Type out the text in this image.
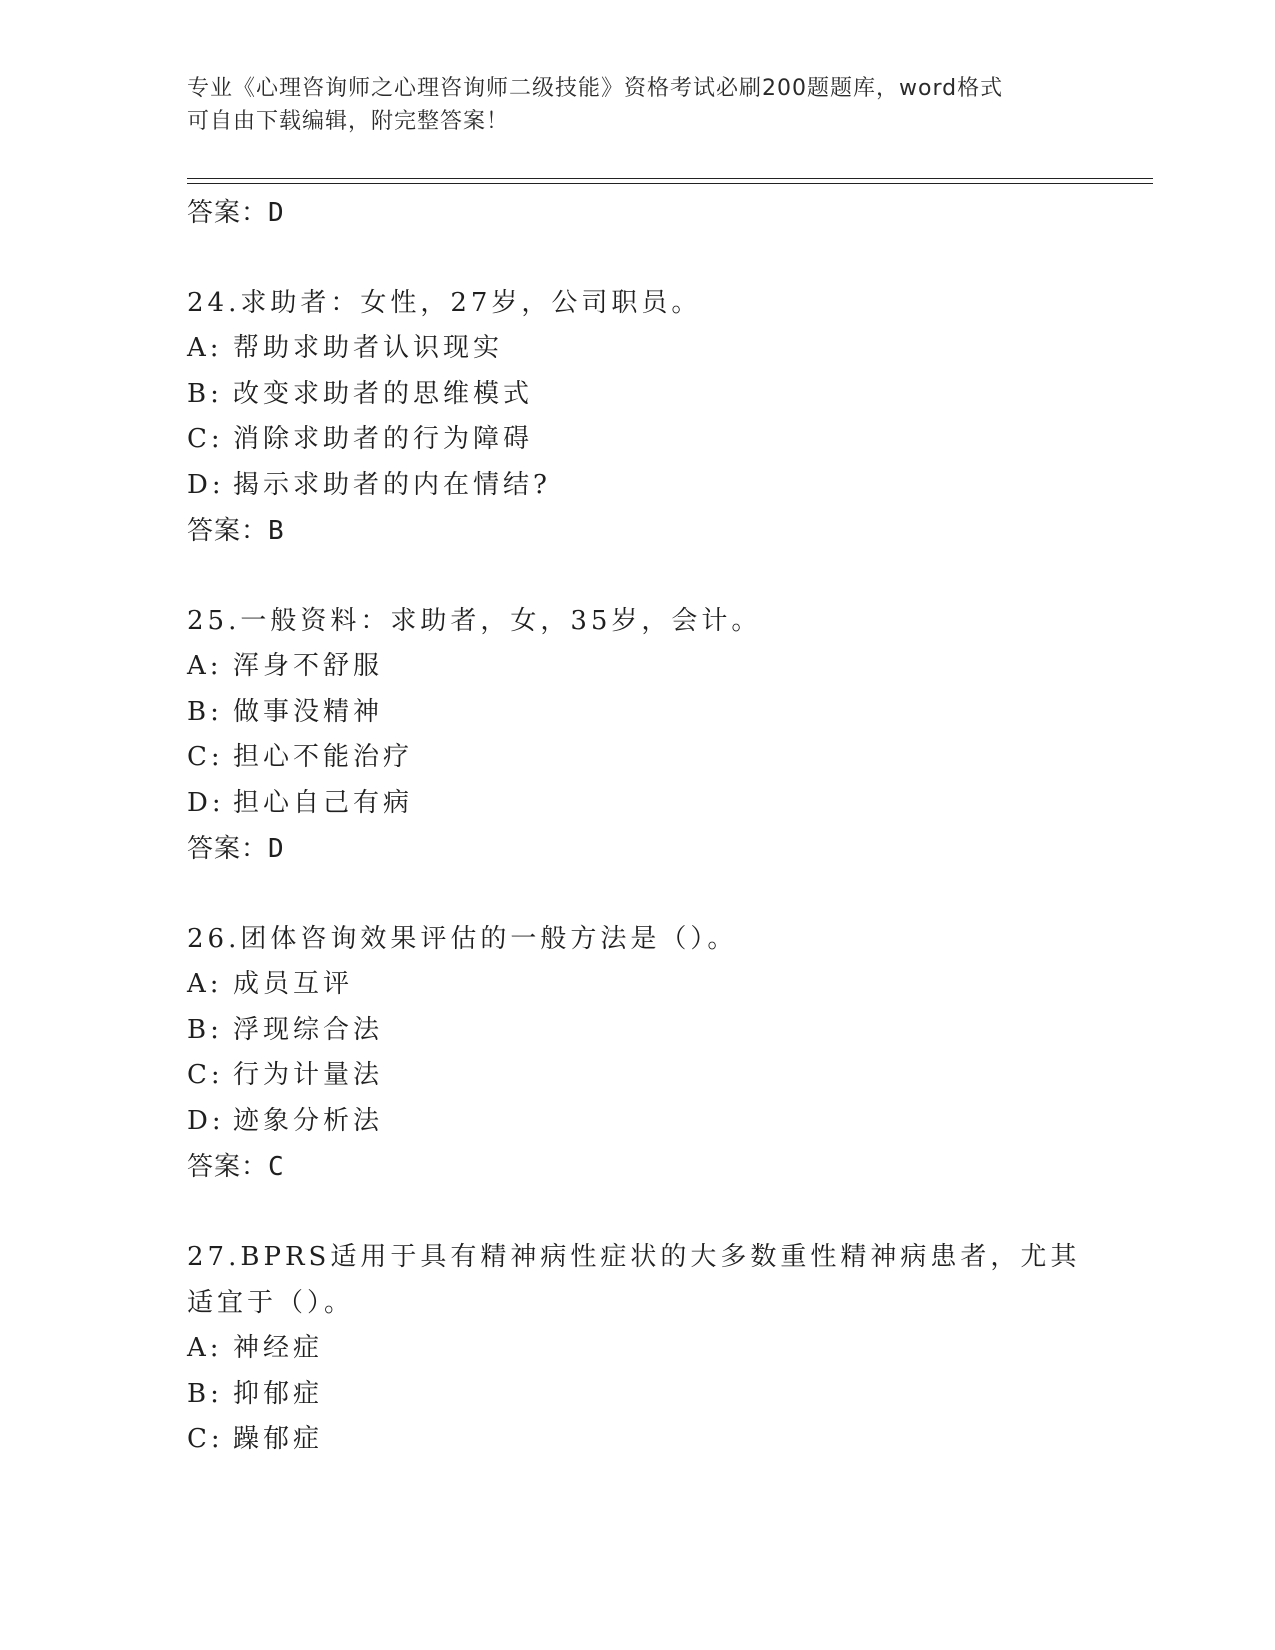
专业《心理咨询师之心理咨询师二级技能》资格考试必刷200题题库，word格式
可自由下载编辑，附完整答案！
答案：D
24.求助者：女性，27岁，公司职员。
A: 帮助求助者认识现实
B: 改变求助者的思维模式
C: 消除求助者的行为障碍
D: 揭示求助者的内在情结?
答案：B
25.一般资料：求助者，女，35岁，会计。
A: 浑身不舒服
B: 做事没精神
C: 担心不能治疗
D: 担心自己有病
答案：D
26.团体咨询效果评估的一般方法是（）。
A: 成员互评
B: 浮现综合法
C: 行为计量法
D: 迹象分析法
答案：C
27.BPRS适用于具有精神病性症状的大多数重性精神病患者，尤其适宜于（）。
A: 神经症
B: 抑郁症
C: 躁郁症
